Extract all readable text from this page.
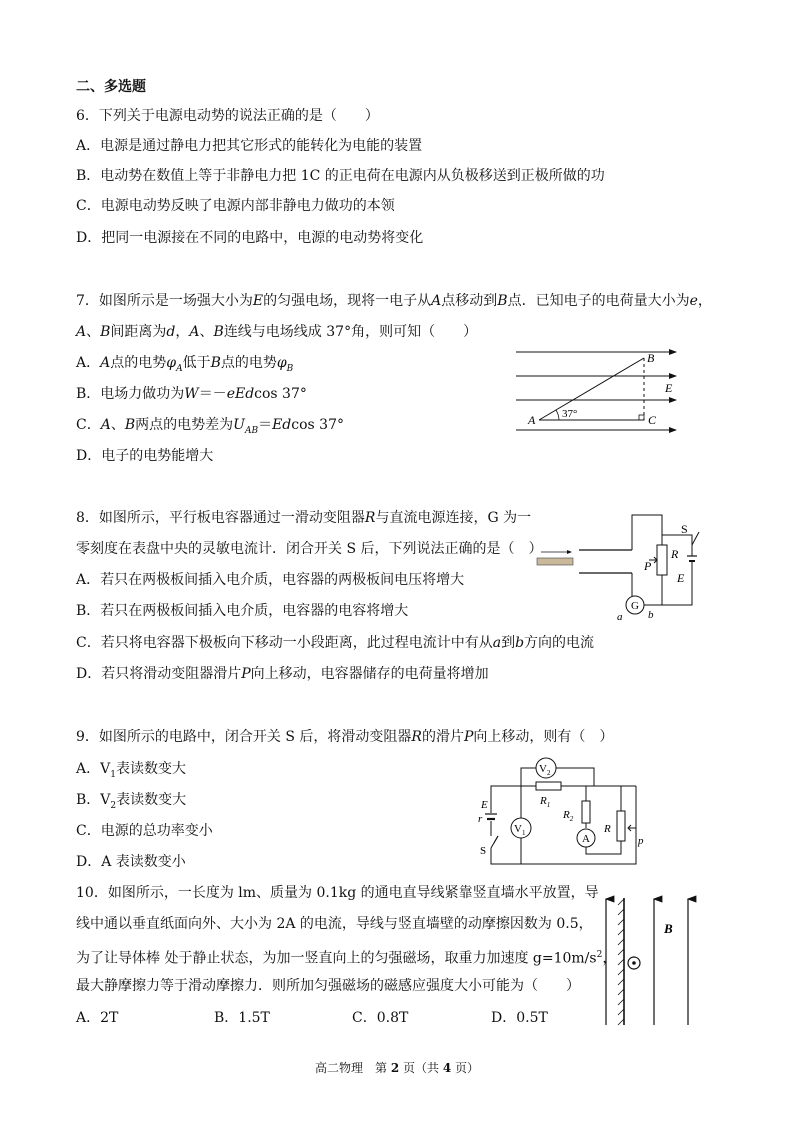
二、多选题
6．下列关于电源电动势的说法正确的是（　　）
A．电源是通过静电力把其它形式的能转化为电能的装置
B．电动势在数值上等于非静电力把 1C 的正电荷在电源内从负极移送到正极所做的功
C．电源电动势反映了电源内部非静电力做功的本领
D．把同一电源接在不同的电路中，电源的电动势将变化
7．如图所示是一场强大小为E的匀强电场，现将一电子从A点移动到B点．已知电子的电荷量大小为e，
A、B间距离为d，A、B连线与电场线成 37°角，则可知（　　）
A．A点的电势$\varphi_A$低于B点的电势$\varphi_B$
B．电场力做功为W＝－eEdcos 37°
C．A、B两点的电势差为$U_{AB}=Edcos$ 37°
D．电子的电势能增大
A
B
C
E
37°
8．如图所示，平行板电容器通过一滑动变阻器R与直流电源连接，G 为一
零刻度在表盘中央的灵敏电流计．闭合开关 S 后，下列说法正确的是（　）
A．若只在两极板间插入电介质，电容器的两极板间电压将增大
B．若只在两极板间插入电介质，电容器的电容将增大
C．若只将电容器下极板向下移动一小段距离，此过程电流计中有从a到b方向的电流
D．若只将滑动变阻器滑片P向上移动，电容器储存的电荷量将增加
G
S
R
P
E
a b
9．如图所示的电路中，闭合开关 S 后，将滑动变阻器R的滑片P向上移动，则有（　）
A．$V_1$表读数变大
B．$V_2$表读数变大
C．电源的总功率变小
D．A 表读数变小
$V_2$
$R_1$
$R_2$
A
R
p
$V_1$
E
r
S
10．如图所示，一长度为 lm、质量为 0.1kg 的通电直导线紧靠竖直墙水平放置，导
线中通以垂直纸面向外、大小为 2A 的电流，导线与竖直墙壁的动摩擦因数为 0.5，
为了让导体棒 处于静止状态，为加一竖直向上的匀强磁场，取重力加速度 $g=10m/s^2$，
最大静摩擦力等于滑动摩擦力．则所加匀强磁场的磁感应强度大小可能为（　　）
A．2T	B．1.5T	C．0.8T	D．0.5T
B
高二物理　第 2 页（共 4 页）
